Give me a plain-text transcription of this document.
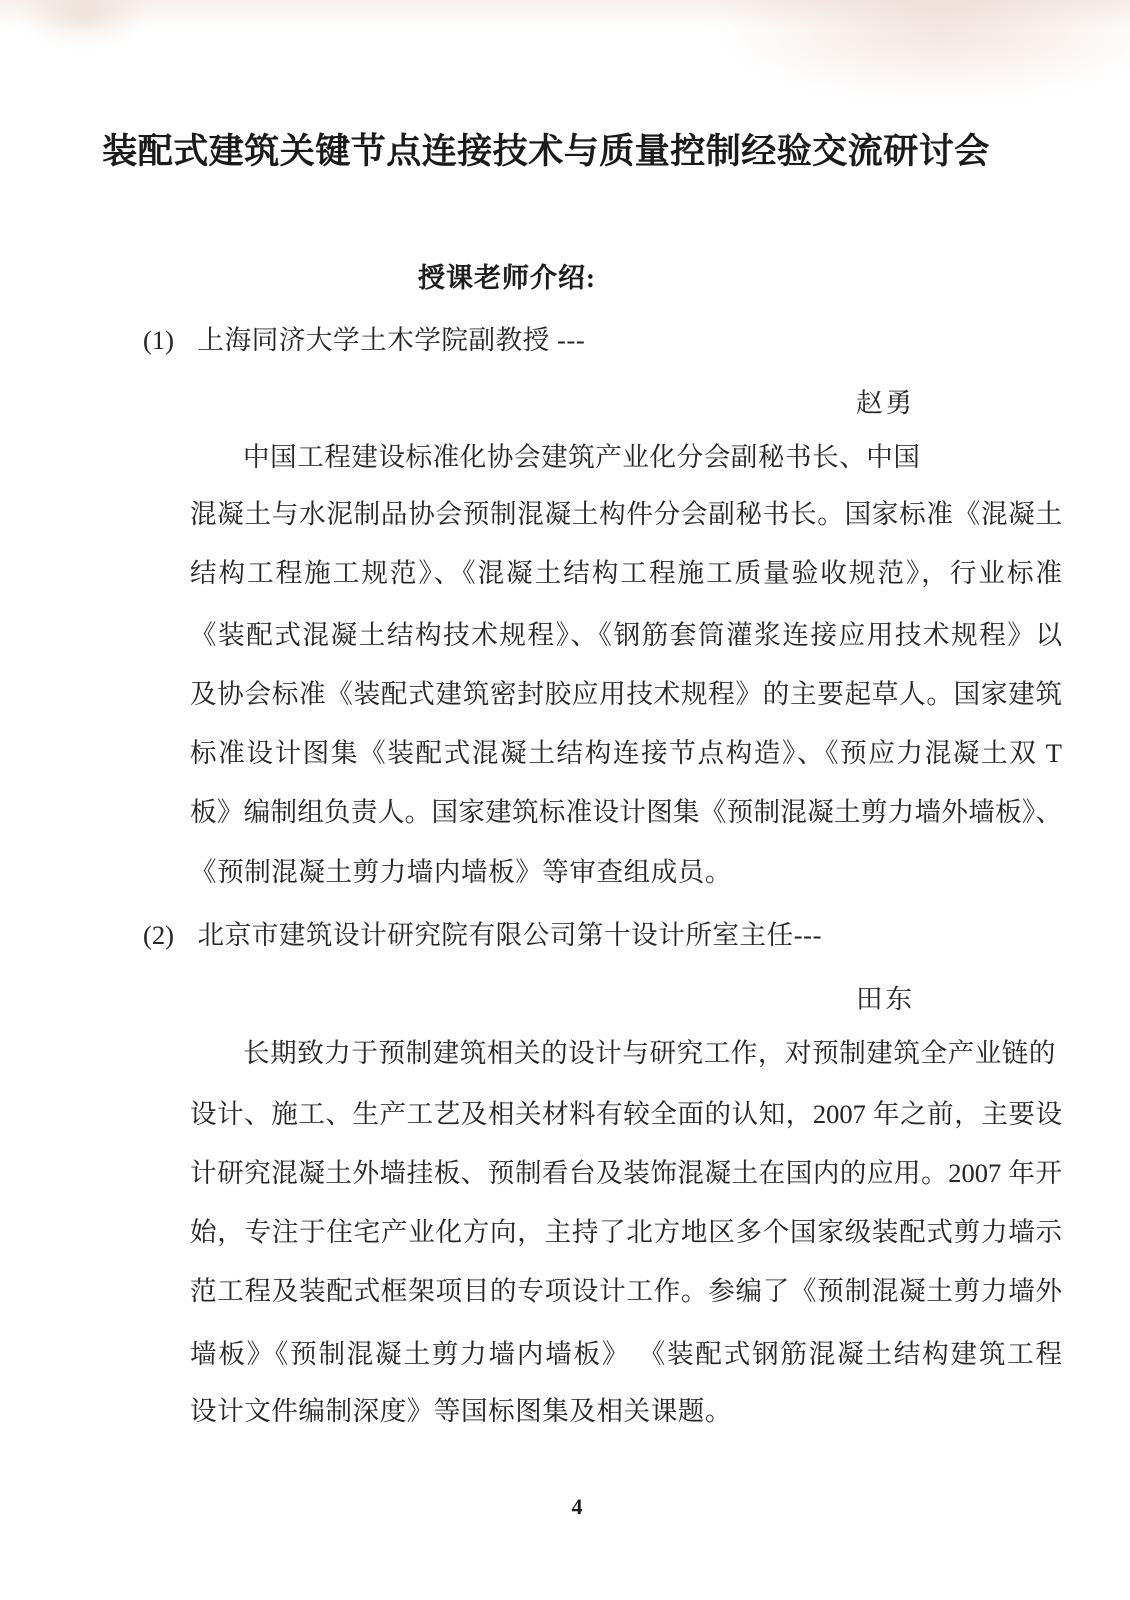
装配式建筑关键节点连接技术与质量控制经验交流研讨会
授课老师介绍:
(1) 上海同济大学土木学院副教授 ---
赵勇
中国工程建设标准化协会建筑产业化分会副秘书长、中国
混凝土与水泥制品协会预制混凝土构件分会副秘书长。国家标准《混凝土
结构工程施工规范》、《混凝土结构工程施工质量验收规范》，行业标准
《装配式混凝土结构技术规程》、《钢筋套筒灌浆连接应用技术规程》以
及协会标准《装配式建筑密封胶应用技术规程》的主要起草人。国家建筑
标准设计图集《装配式混凝土结构连接节点构造》、《预应力混凝土双 T
板》编制组负责人。国家建筑标准设计图集《预制混凝土剪力墙外墙板》、
《预制混凝土剪力墙内墙板》等审查组成员。
(2) 北京市建筑设计研究院有限公司第十设计所室主任---
田东
长期致力于预制建筑相关的设计与研究工作，对预制建筑全产业链的
设计、施工、生产工艺及相关材料有较全面的认知，2007 年之前，主要设
计研究混凝土外墙挂板、预制看台及装饰混凝土在国内的应用。2007 年开
始，专注于住宅产业化方向，主持了北方地区多个国家级装配式剪力墙示
范工程及装配式框架项目的专项设计工作。参编了《预制混凝土剪力墙外
墙板》《预制混凝土剪力墙内墙板》 《装配式钢筋混凝土结构建筑工程
设计文件编制深度》等国标图集及相关课题。
4
